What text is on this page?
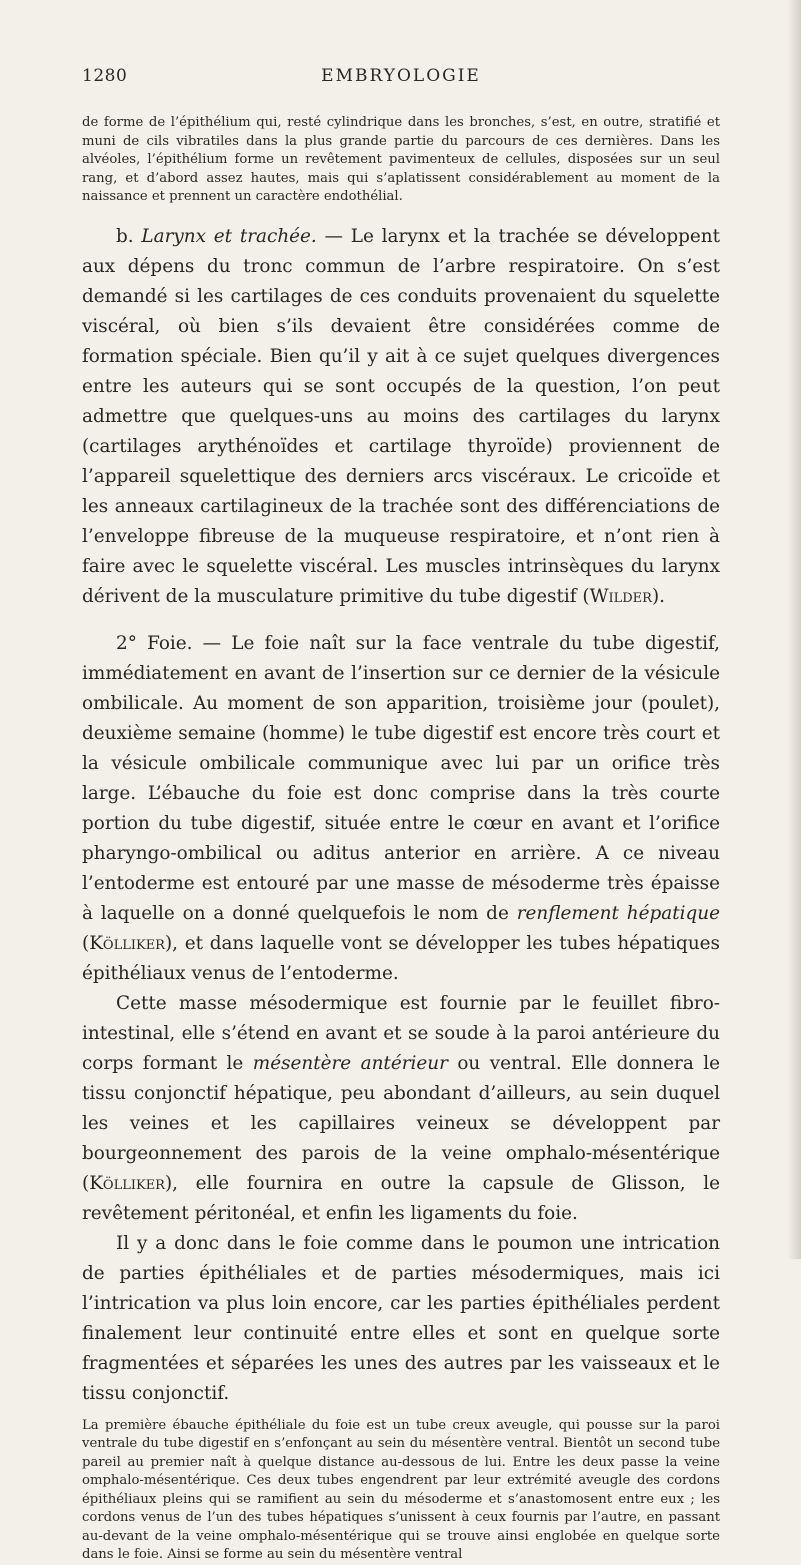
1280	EMBRYOLOGIE

de forme de l’épithélium qui, resté cylindrique dans les bronches, s’est, en outre, stratifié et muni de cils vibratiles dans la plus grande partie du parcours de ces dernières. Dans les alvéoles, l’épithélium forme un revêtement pavimenteux de cellules, disposées sur un seul rang, et d’abord assez hautes, mais qui s’aplatissent considérablement au moment de la naissance et prennent un caractère endothélial.

b. Larynx et trachée. — Le larynx et la trachée se développent aux dépens du tronc commun de l’arbre respiratoire. On s’est demandé si les cartilages de ces conduits provenaient du squelette viscéral, où bien s’ils devaient être considérées comme de formation spéciale. Bien qu’il y ait à ce sujet quelques divergences entre les auteurs qui se sont occupés de la question, l’on peut admettre que quelques-uns au moins des cartilages du larynx (cartilages arythénoïdes et cartilage thyroïde) proviennent de l’appareil squelettique des derniers arcs viscéraux. Le cricoïde et les anneaux cartilagineux de la trachée sont des différenciations de l’enveloppe fibreuse de la muqueuse respiratoire, et n’ont rien à faire avec le squelette viscéral. Les muscles intrinsèques du larynx dérivent de la musculature primitive du tube digestif (Wilder).

2° Foie. — Le foie naît sur la face ventrale du tube digestif, immédiatement en avant de l’insertion sur ce dernier de la vésicule ombilicale. Au moment de son apparition, troisième jour (poulet), deuxième semaine (homme) le tube digestif est encore très court et la vésicule ombilicale communique avec lui par un orifice très large. L’ébauche du foie est donc comprise dans la très courte portion du tube digestif, située entre le cœur en avant et l’orifice pharyngo-ombilical ou aditus anterior en arrière. A ce niveau l’entoderme est entouré par une masse de mésoderme très épaisse à laquelle on a donné quelquefois le nom de renflement hépatique (Kölliker), et dans laquelle vont se développer les tubes hépatiques épithéliaux venus de l’entoderme.

Cette masse mésodermique est fournie par le feuillet fibro-intestinal, elle s’étend en avant et se soude à la paroi antérieure du corps formant le mésentère antérieur ou ventral. Elle donnera le tissu conjonctif hépatique, peu abondant d’ailleurs, au sein duquel les veines et les capillaires veineux se développent par bourgeonnement des parois de la veine omphalo-mésentérique (Kölliker), elle fournira en outre la capsule de Glisson, le revêtement péritonéal, et enfin les ligaments du foie.

Il y a donc dans le foie comme dans le poumon une intrication de parties épithéliales et de parties mésodermiques, mais ici l’intrication va plus loin encore, car les parties épithéliales perdent finalement leur continuité entre elles et sont en quelque sorte fragmentées et séparées les unes des autres par les vaisseaux et le tissu conjonctif.

La première ébauche épithéliale du foie est un tube creux aveugle, qui pousse sur la paroi ventrale du tube digestif en s’enfonçant au sein du mésentère ventral. Bientôt un second tube pareil au premier naît à quelque distance au-dessous de lui. Entre les deux passe la veine omphalo-mésentérique. Ces deux tubes engendrent par leur extrémité aveugle des cordons épithéliaux pleins qui se ramifient au sein du mésoderme et s’anastomosent entre eux ; les cordons venus de l’un des tubes hépatiques s’unissent à ceux fournis par l’autre, en passant au-devant de la veine omphalo-mésentérique qui se trouve ainsi englobée en quelque sorte dans le foie. Ainsi se forme au sein du mésentère ventral
